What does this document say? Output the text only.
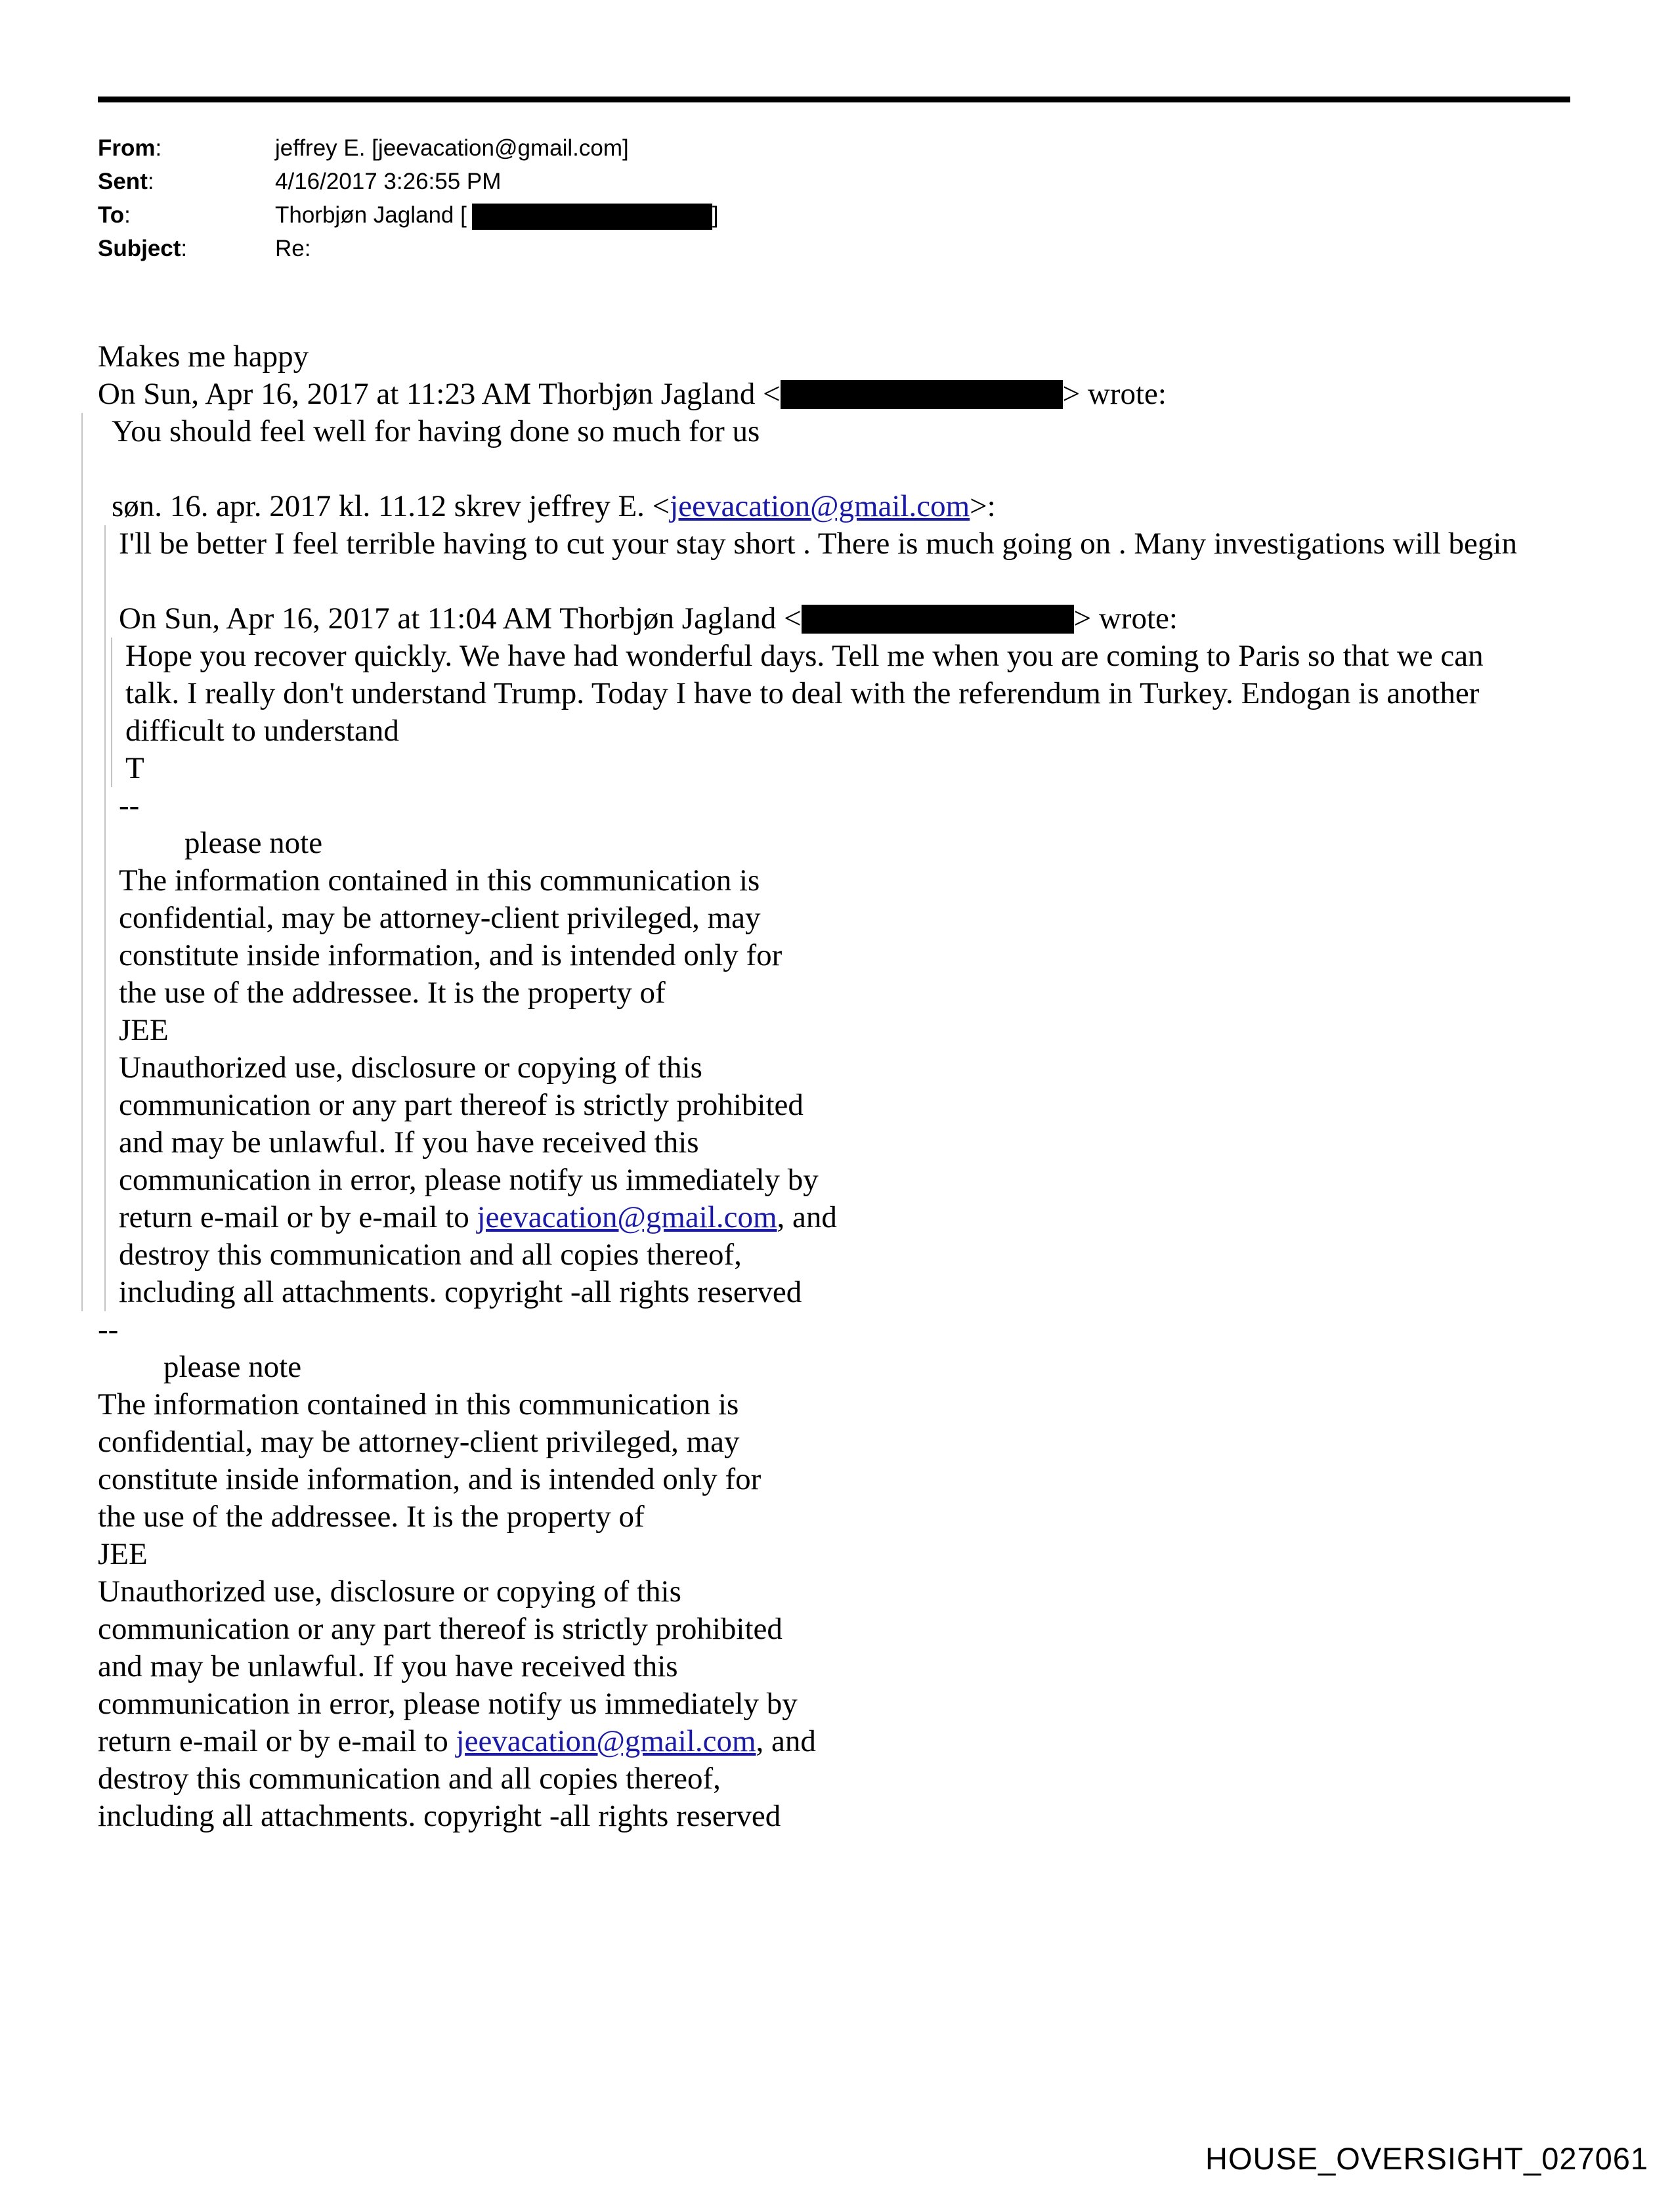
From:	jeffrey E. [jeevacation@gmail.com]
Sent:	4/16/2017 3:26:55 PM
To:	Thorbjøn Jagland [	]
Subject:	Re:

Makes me happy

On Sun, Apr 16, 2017 at 11:23 AM Thorbjøn Jagland <	> wrote:

You should feel well for having done so much for us

søn. 16. apr. 2017 kl. 11.12 skrev jeffrey E. <jeevacation@gmail.com>:

I'll be better I feel terrible having to cut your stay short . There is much going on . Many investigations will begin

On Sun, Apr 16, 2017 at 11:04 AM Thorbjøn Jagland <	> wrote:

Hope you recover quickly. We have had wonderful days. Tell me when you are coming to Paris so that we can talk. I really don't understand Trump. Today I have to deal with the referendum in Turkey. Endogan is another difficult to understand

T

--

please note

The information contained in this communication is

confidential, may be attorney-client privileged, may

constitute inside information, and is intended only for

the use of the addressee. It is the property of

JEE

Unauthorized use, disclosure or copying of this

communication or any part thereof is strictly prohibited

and may be unlawful. If you have received this

communication in error, please notify us immediately by

return e-mail or by e-mail to jeevacation@gmail.com, and

destroy this communication and all copies thereof,

including all attachments. copyright -all rights reserved

--

please note

The information contained in this communication is

confidential, may be attorney-client privileged, may

constitute inside information, and is intended only for

the use of the addressee. It is the property of

JEE

Unauthorized use, disclosure or copying of this

communication or any part thereof is strictly prohibited

and may be unlawful. If you have received this

communication in error, please notify us immediately by

return e-mail or by e-mail to jeevacation@gmail.com, and

destroy this communication and all copies thereof,

including all attachments. copyright -all rights reserved

HOUSE_OVERSIGHT_027061
